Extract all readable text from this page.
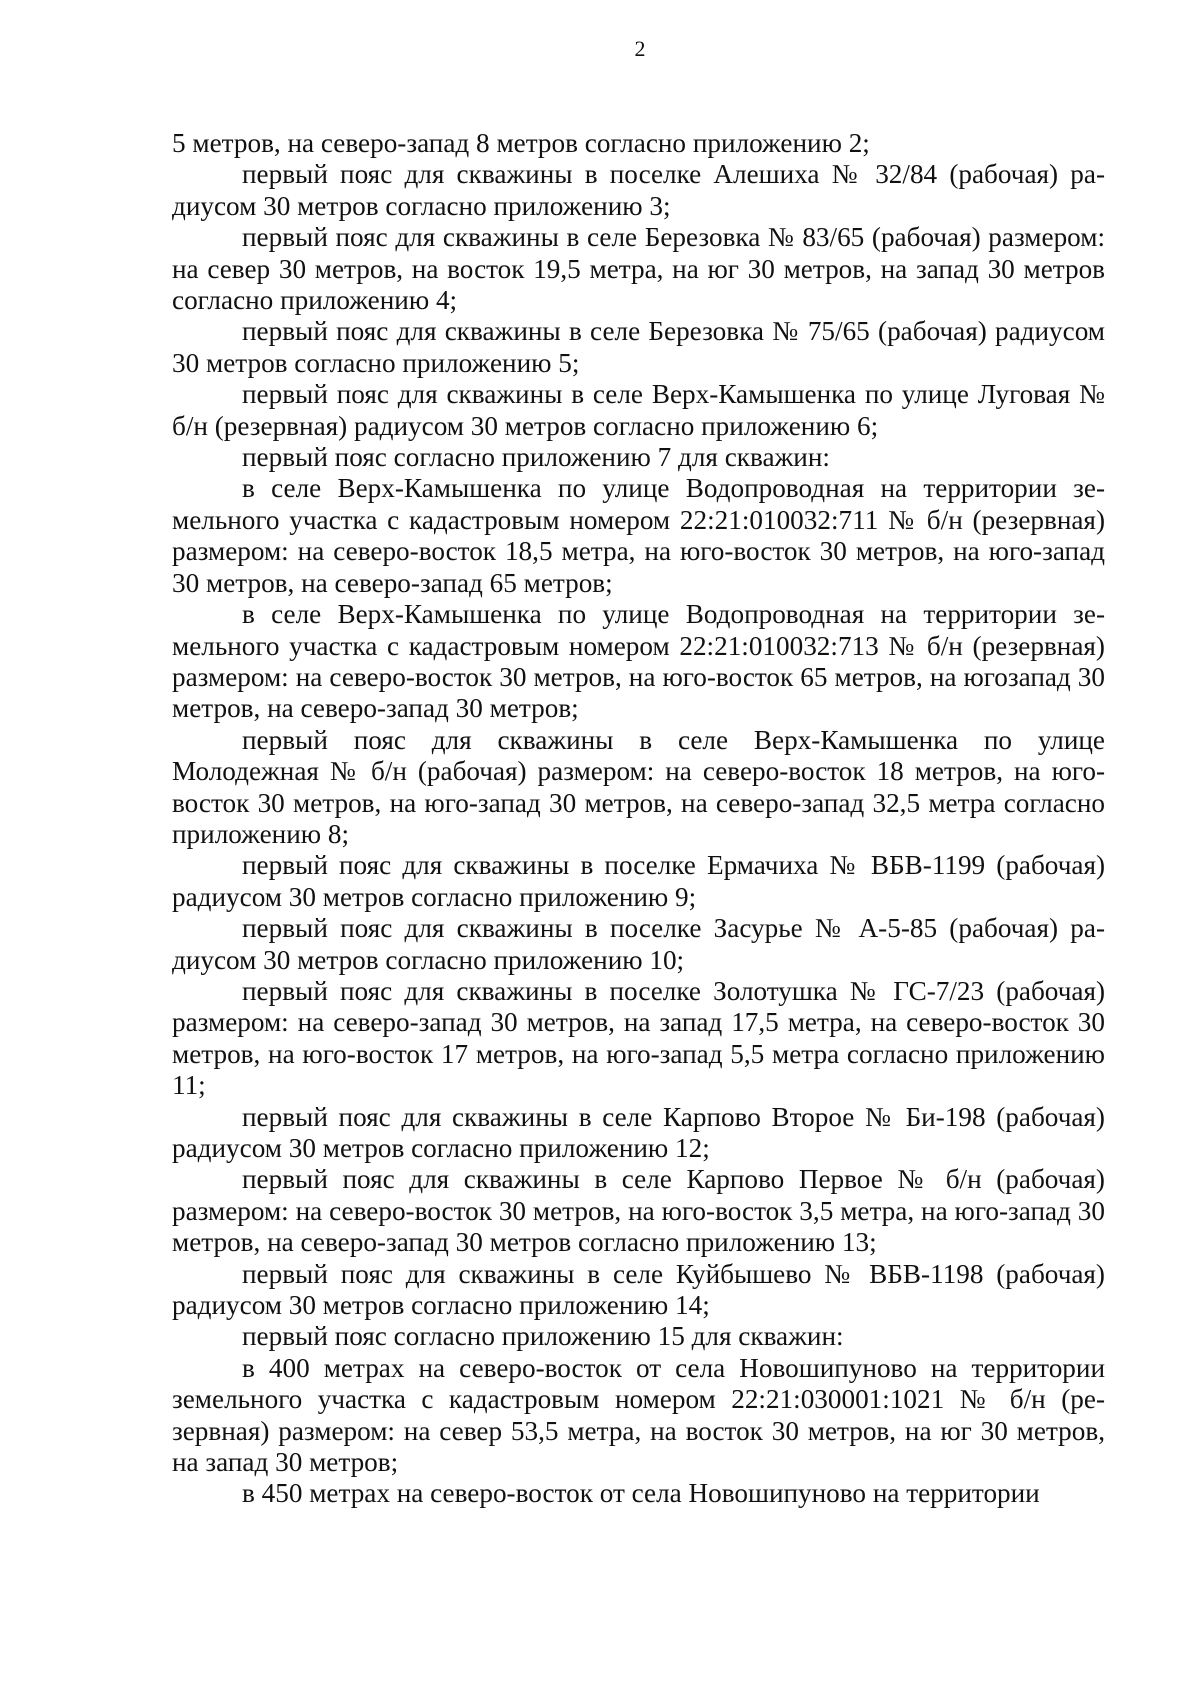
2

5 метров, на северо-запад 8 метров согласно приложению 2;

первый пояс для скважины в поселке Алешиха № 32/84 (рабочая) радиусом 30 метров согласно приложению 3;

первый пояс для скважины в селе Березовка № 83/65 (рабочая) размером: на север 30 метров, на восток 19,5 метра, на юг 30 метров, на запад 30 метров согласно приложению 4;

первый пояс для скважины в селе Березовка № 75/65 (рабочая) радиусом 30 метров согласно приложению 5;

первый пояс для скважины в селе Верх-Камышенка по улице Луговая № б/н (резервная) радиусом 30 метров согласно приложению 6;

первый пояс согласно приложению 7 для скважин:

в селе Верх-Камышенка по улице Водопроводная на территории земельного участка с кадастровым номером 22:21:010032:711 № б/н (резервная) размером: на северо-восток 18,5 метра, на юго-восток 30 метров, на юго-запад 30 метров, на северо-запад 65 метров;

в селе Верх-Камышенка по улице Водопроводная на территории земельного участка с кадастровым номером 22:21:010032:713 № б/н (резервная) размером: на северо-восток 30 метров, на юго-восток 65 метров, на югозапад 30 метров, на северо-запад 30 метров;

первый пояс для скважины в селе Верх-Камышенка по улице Молодежная № б/н (рабочая) размером: на северо-восток 18 метров, на юго-восток 30 метров, на юго-запад 30 метров, на северо-запад 32,5 метра согласно приложению 8;

первый пояс для скважины в поселке Ермачиха № ВБВ-1199 (рабочая) радиусом 30 метров согласно приложению 9;

первый пояс для скважины в поселке Засурье № А-5-85 (рабочая) радиусом 30 метров согласно приложению 10;

первый пояс для скважины в поселке Золотушка № ГС-7/23 (рабочая) размером: на северо-запад 30 метров, на запад 17,5 метра, на северо-восток 30 метров, на юго-восток 17 метров, на юго-запад 5,5 метра согласно приложению 11;

первый пояс для скважины в селе Карпово Второе № Би-198 (рабочая) радиусом 30 метров согласно приложению 12;

первый пояс для скважины в селе Карпово Первое № б/н (рабочая) размером: на северо-восток 30 метров, на юго-восток 3,5 метра, на юго-запад 30 метров, на северо-запад 30 метров согласно приложению 13;

первый пояс для скважины в селе Куйбышево № ВБВ-1198 (рабочая) радиусом 30 метров согласно приложению 14;

первый пояс согласно приложению 15 для скважин:

в 400 метрах на северо-восток от села Новошипуново на территории земельного участка с кадастровым номером 22:21:030001:1021 № б/н (резервная) размером: на север 53,5 метра, на восток 30 метров, на юг 30 метров, на запад 30 метров;

в 450 метрах на северо-восток от села Новошипуново на территории
